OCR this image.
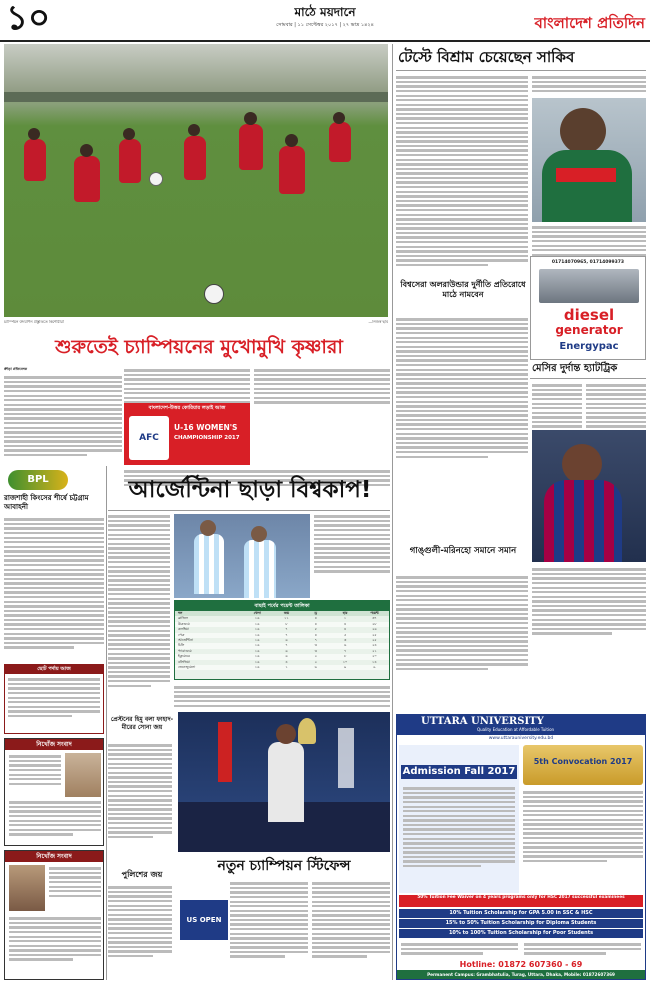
১০	মাঠে ময়দানে
সোমবার | ১১ সেপ্টেম্বর ২০১৭ | ২৭ ভাদ্র ১৪২৪	বাংলাদেশ প্রতিদিন
চ্যাম্পিয়ন উদযাপন প্রস্তুতিতে কিশোরীরা	—নিজস্ব ছবি
শুরুতেই চ্যাম্পিয়নের মুখোমুখি কৃষ্ণারা
ক্রীড়া প্রতিবেদক
বাংলাদেশ-উত্তর কোরিয়ার লড়াই আজ
AFC
U-16 WOMEN'S
CHAMPIONSHIP 2017
BPL
রাজশাহী কিংসের শীর্ষে চট্টগ্রাম আবাহনী
আর্জেন্টিনা ছাড়া বিশ্বকাপ!
বাছাই পর্বের পয়েন্ট তালিকা
দল	খেলা	জয়	ড্র	হার	পয়েন্ট
ব্রাজিল	১৬	১১	৪	১	৩৭
উরুগুয়ে	১৬	৮	৪	৪	২৮
কলম্বিয়া	১৬	৭	৫	৪	২৬
পেরু	১৬	৭	৪	৫	২৫
আর্জেন্টিনা	১৬	৬	৭	৩	২৫
চিলি	১৬	৭	৩	৬	২৪
প্যারাগুয়ে	১৬	৬	৩	৭	২১
ইকুয়েডর	১৬	৬	২	৮	২০
বলিভিয়া	১৬	৪	২	১০	১৪
ভেনেজুয়েলা	১৬	১	৬	৯	৯
প্রেস্টনের হিমু বলা ফাহাদ-মীরের সোনা জয়
পুলিশের জয়
নতুন চ্যাম্পিয়ন স্টিফেন্স
US OPEN
ছোট পর্দায় আজ
নিখোঁজ সংবাদ
নিখোঁজ সংবাদ
টেস্টে বিশ্রাম চেয়েছেন সাকিব
বিশ্বসেরা অলরাউন্ডার দুর্নীতি প্রতিরোধে মাঠে নামবেন
01714070965, 01714099373
diesel
generator
Energypac
মেসির দুর্দান্ত হ্যাটট্রিক
গাঙ্গুলী-মরিনহো সমানে সমান
UTTARA UNIVERSITY
Quality Education at Affordable Tuition
www.uttarauniversity.edu.bd
Admission Fall 2017
5th Convocation 2017
50% Tuition Fee Waiver on 4 years programs only for HSC 2017 successful examinees
10% Tuition Scholarship for GPA 5.00 in SSC & HSC
15% to 50% Tuition Scholarship for Diploma Students
10% to 100% Tuition Scholarship for Poor Students
Hotline: 01872 607360 - 69
Permanent Campus: Grambhatulia, Turag, Uttara, Dhaka, Mobile: 01872607369
